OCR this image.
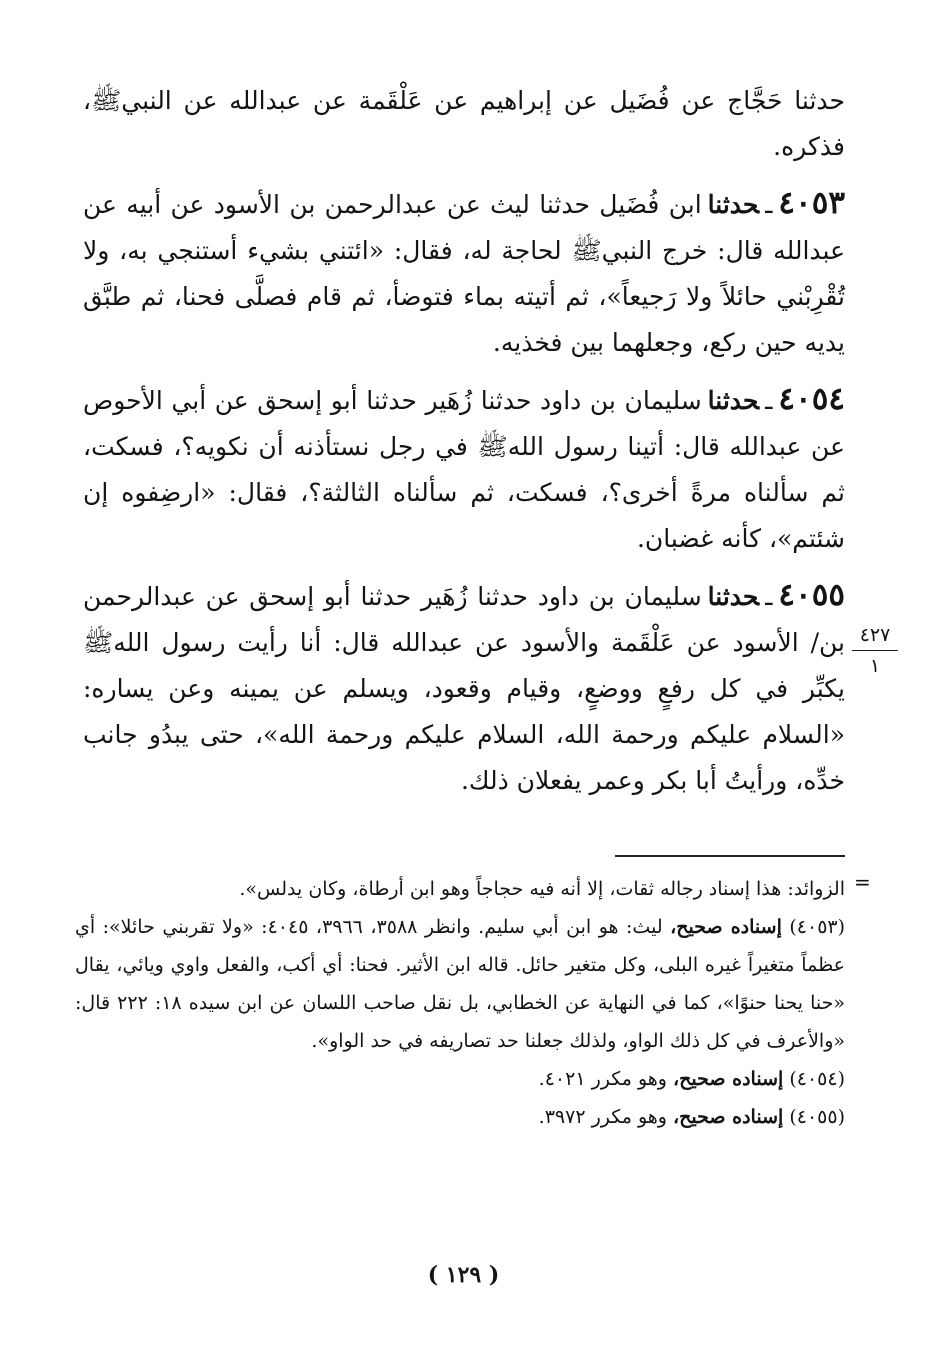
حدثنا حَجَّاج عن فُضَيل عن إبراهيم عن عَلْقَمة عن عبدالله عن النبيﷺ، فذكره.

٤٠٥٣ـحدثناابن فُضَيل حدثنا ليث عن عبدالرحمن بن الأسود عن أبيه عن عبدالله قال: خرج النبيﷺ لحاجة له، فقال: «ائتني بشيء أستنجي به، ولا تُقْرِبْني حائلاً ولا رَجيعاً»، ثم أتيته بماء فتوضأ، ثم قام فصلَّى فحنا، ثم طبَّق يديه حين ركع، وجعلهما بين فخذيه.

٤٠٥٤ـحدثناسليمان بن داود حدثنا زُهَير حدثنا أبو إسحق عن أبي الأحوص عن عبدالله قال: أتينا رسول اللهﷺ في رجل نستأذنه أن نكويه؟، فسكت، ثم سألناه مرةً أخرى؟، فسكت، ثم سألناه الثالثة؟، فقال: «ارضِفوه إن شئتم»، كأنه غضبان.

٤٠٥٥ـحدثناسليمان بن داود حدثنا زُهَير حدثنا أبو إسحق عن عبدالرحمن بن/ الأسود عن عَلْقَمة والأسود عن عبدالله قال: أنا رأيت رسول اللهﷺ يكبِّر في كل رفعٍ ووضعٍ، وقيام وقعود، ويسلم عن يمينه وعن يساره: «السلام عليكم ورحمة الله، السلام عليكم ورحمة الله»، حتى يبدُو جانب خدِّه، ورأيتُ أبا بكر وعمر يفعلان ذلك.

٤٢٧
١
=

الزوائد: هذا إسناد رجاله ثقات، إلا أنه فيه حجاجاً وهو ابن أرطاة، وكان يدلس».

(٤٠٥٣) إسناده صحيح، ليث: هو ابن أبي سليم. وانظر ٣٥٨٨، ٣٩٦٦، ٤٠٤٥: «ولا تقربني حائلا»: أي عظماً متغيراً غيره البلى، وكل متغير حائل. قاله ابن الأثير. فحنا: أي أكب، والفعل واوي ويائي، يقال «حنا يحنا حنوًا»، كما في النهاية عن الخطابي، بل نقل صاحب اللسان عن ابن سيده ١٨: ٢٢٢ قال: «والأعرف في كل ذلك الواو، ولذلك جعلنا حد تصاريفه في حد الواو».

(٤٠٥٤) إسناده صحيح، وهو مكرر ٤٠٢١.

(٤٠٥٥) إسناده صحيح، وهو مكرر ٣٩٧٢.

( ١٢٩ )
